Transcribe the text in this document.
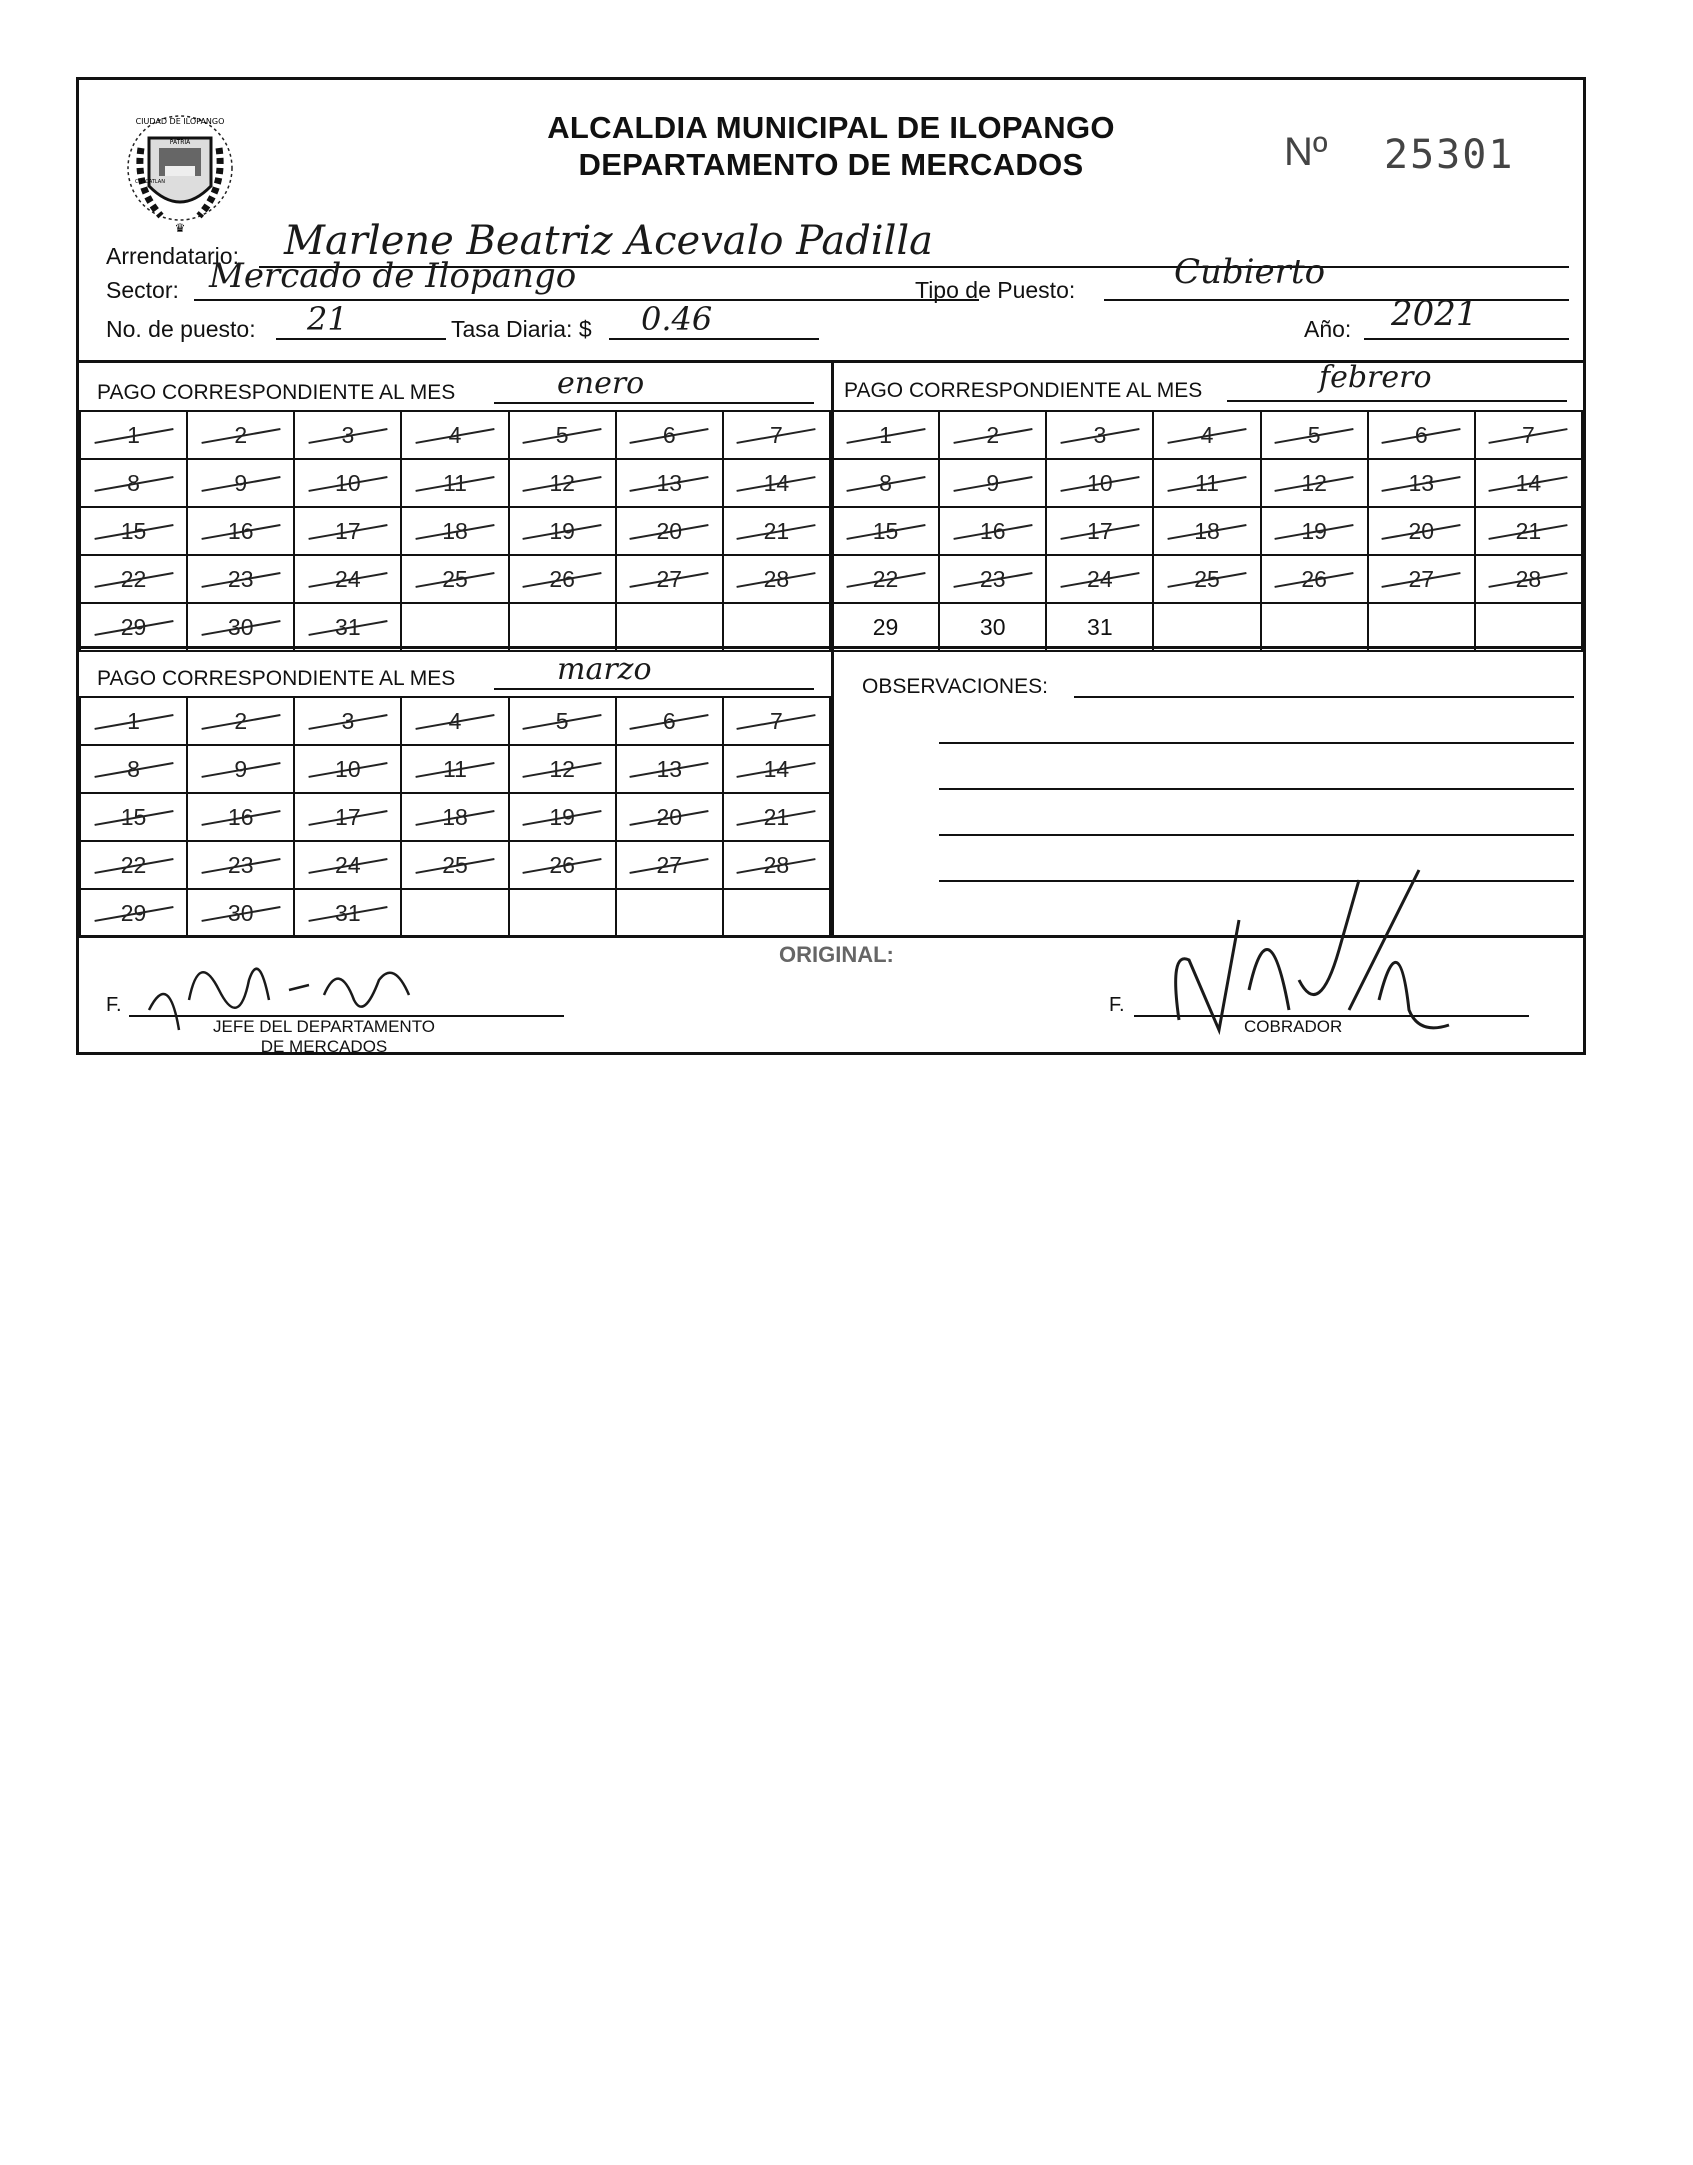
CIUDAD DE ILOPANGO
PATRIA
CUSCATLAN
♛
ALCALDIA MUNICIPAL DE ILOPANGO
DEPARTAMENTO DE MERCADOS	Nº 25301
Arrendatario: Marlene Beatriz Acevalo Padilla
Sector: Mercado de Ilopango	Tipo de Puesto:	Cubierto
No. de puesto: 21	Tasa Diaria: $ 0.46	Año: 2021
PAGO CORRESPONDIENTE AL MES	enero
1	2	3	4	5	6	7
8	9	10	11	12	13	14
15	16	17	18	19	20	21
22	23	24	25	26	27	28
29	30	31				
PAGO CORRESPONDIENTE AL MES	febrero
1	2	3	4	5	6	7
8	9	10	11	12	13	14
15	16	17	18	19	20	21
22	23	24	25	26	27	28
29	30	31				
PAGO CORRESPONDIENTE AL MES	marzo
1	2	3	4	5	6	7
8	9	10	11	12	13	14
15	16	17	18	19	20	21
22	23	24	25	26	27	28
29	30	31				
OBSERVACIONES:
ORIGINAL:
F.
JEFE DEL DEPARTAMENTO
DE MERCADOS
F.
COBRADOR
